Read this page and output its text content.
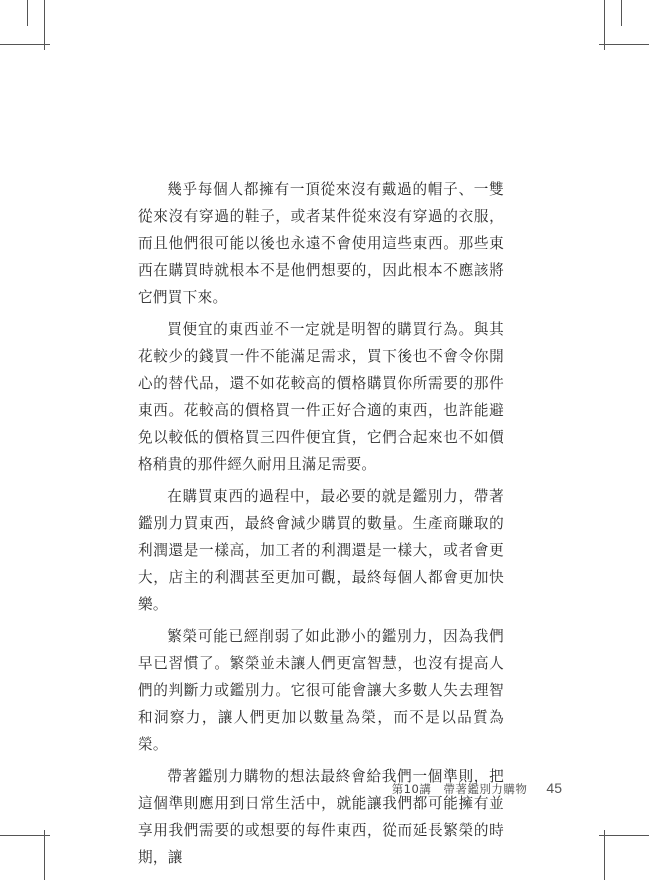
幾乎每個人都擁有一頂從來沒有戴過的帽子、一雙從來沒有穿過的鞋子，或者某件從來沒有穿過的衣服，而且他們很可能以後也永遠不會使用這些東西。那些東西在購買時就根本不是他們想要的，因此根本不應該將它們買下來。

買便宜的東西並不一定就是明智的購買行為。與其花較少的錢買一件不能滿足需求，買下後也不會令你開心的替代品，還不如花較高的價格購買你所需要的那件東西。花較高的價格買一件正好合適的東西，也許能避免以較低的價格買三四件便宜貨，它們合起來也不如價格稍貴的那件經久耐用且滿足需要。

在購買東西的過程中，最必要的就是鑑別力，帶著鑑別力買東西，最終會減少購買的數量。生產商賺取的利潤還是一樣高，加工者的利潤還是一樣大，或者會更大，店主的利潤甚至更加可觀，最終每個人都會更加快樂。

繁榮可能已經削弱了如此渺小的鑑別力，因為我們早已習慣了。繁榮並未讓人們更富智慧，也沒有提高人們的判斷力或鑑別力。它很可能會讓大多數人失去理智和洞察力，讓人們更加以數量為榮，而不是以品質為榮。

帶著鑑別力購物的想法最終會給我們一個準則，把這個準則應用到日常生活中，就能讓我們都可能擁有並享用我們需要的或想要的每件東西，從而延長繁榮的時期，讓

第10講　帶著鑑別力購物 45
